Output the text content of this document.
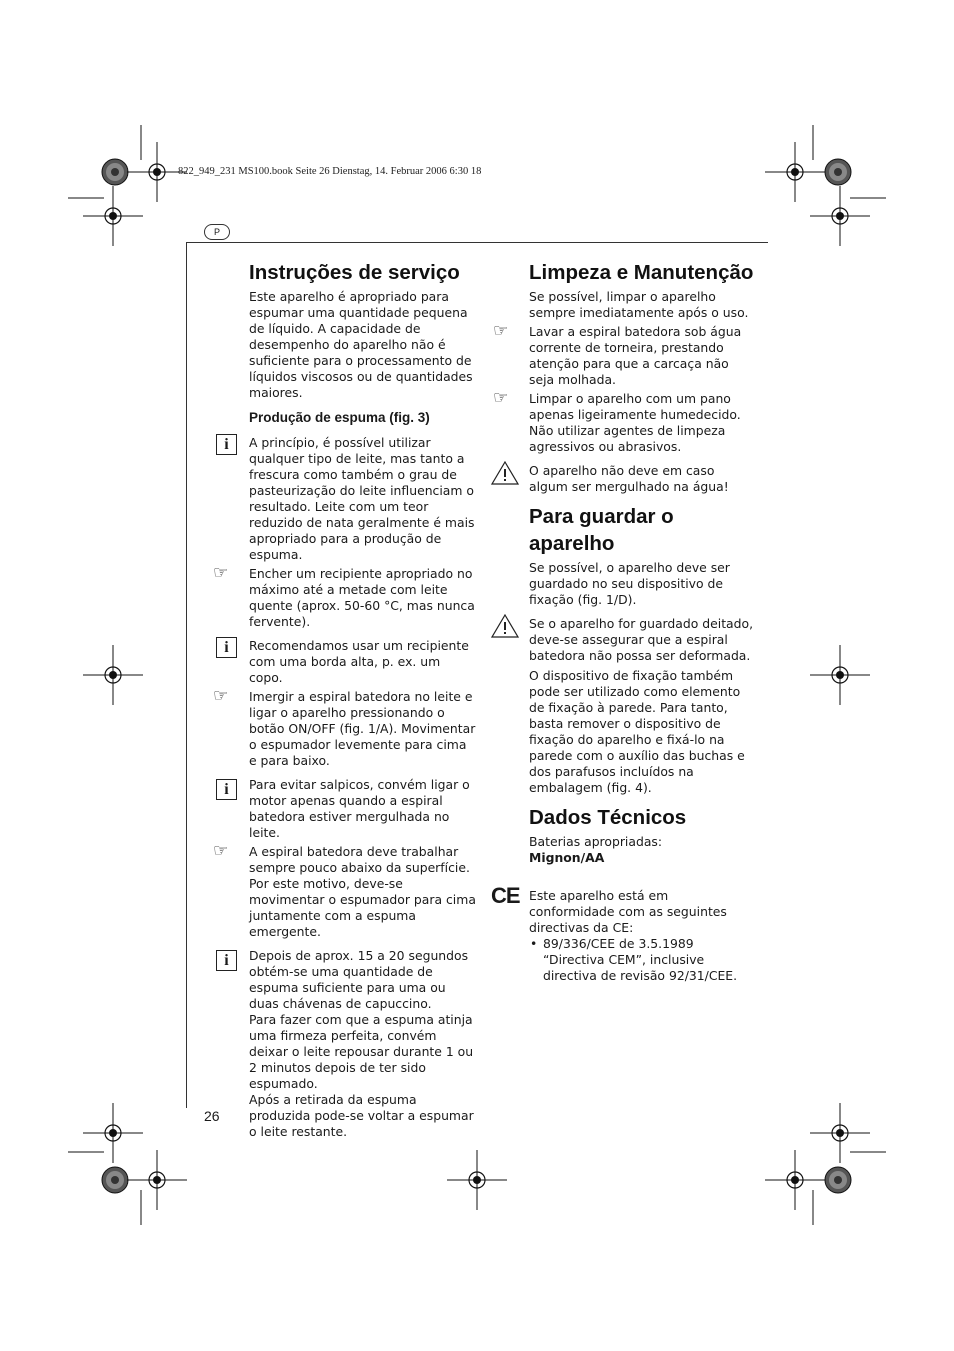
822_949_231 MS100.book Seite 26 Dienstag, 14. Februar 2006 6:30 18
P
26
Instruções de serviço

Este aparelho é apropriado para espumar uma quantidade pequena de líquido. A capacidade de desempenho do aparelho não é suficiente para o processamento de líquidos viscosos ou de quantidades maiores.

Produção de espuma (fig. 3)
i	A princípio, é possível utilizar qualquer tipo de leite, mas tanto a frescura como também o grau de pasteurização do leite influenciam o resultado. Leite com um teor reduzido de nata geralmente é mais apropriado para a produção de espuma.

☞ Encher um recipiente apropriado no máximo até a metade com leite quente (aprox. 50-60 °C, mas nunca fervente).

i	Recomendamos usar um recipiente com uma borda alta, p. ex. um copo.

☞ Imergir a espiral batedora no leite e ligar o aparelho pressionando o botão ON/OFF (fig. 1/A). Movimentar o espumador levemente para cima e para baixo.

i	Para evitar salpicos, convém ligar o motor apenas quando a espiral batedora estiver mergulhada no leite.

☞ A espiral batedora deve trabalhar sempre pouco abaixo da superfície. Por este motivo, deve-se movimentar o espumador para cima juntamente com a espuma emergente.

i	Depois de aprox. 15 a 20 segundos obtém-se uma quantidade de espuma suficiente para uma ou duas chávenas de capuccino.

Para fazer com que a espuma atinja uma firmeza perfeita, convém deixar o leite repousar durante 1 ou 2 minutos depois de ter sido espumado.

Após a retirada da espuma produzida pode-se voltar a espumar o leite restante.

Limpeza e Manutenção

Se possível, limpar o aparelho sempre imediatamente após o uso.

☞ Lavar a espiral batedora sob água corrente de torneira, prestando atenção para que a carcaça não seja molhada.

☞ Limpar o aparelho com um pano apenas ligeiramente humedecido. Não utilizar agentes de limpeza agressivos ou abrasivos.

O aparelho não deve em caso algum ser mergulhado na água!

Para guardar o aparelho

Se possível, o aparelho deve ser guardado no seu dispositivo de fixação (fig. 1/D).

Se o aparelho for guardado deitado, deve-se assegurar que a espiral batedora não possa ser deformada.

O dispositivo de fixação também pode ser utilizado como elemento de fixação à parede. Para tanto, basta remover o dispositivo de fixação do aparelho e fixá-lo na parede com o auxílio das buchas e dos parafusos incluídos na embalagem (fig. 4).

Dados Técnicos

Baterias apropriadas:

Mignon/AA

CE Este aparelho está em conformidade com as seguintes directivas da CE:

• 89/336/CEE de 3.5.1989 “Directiva CEM”, inclusive directiva de revisão 92/31/CEE.
